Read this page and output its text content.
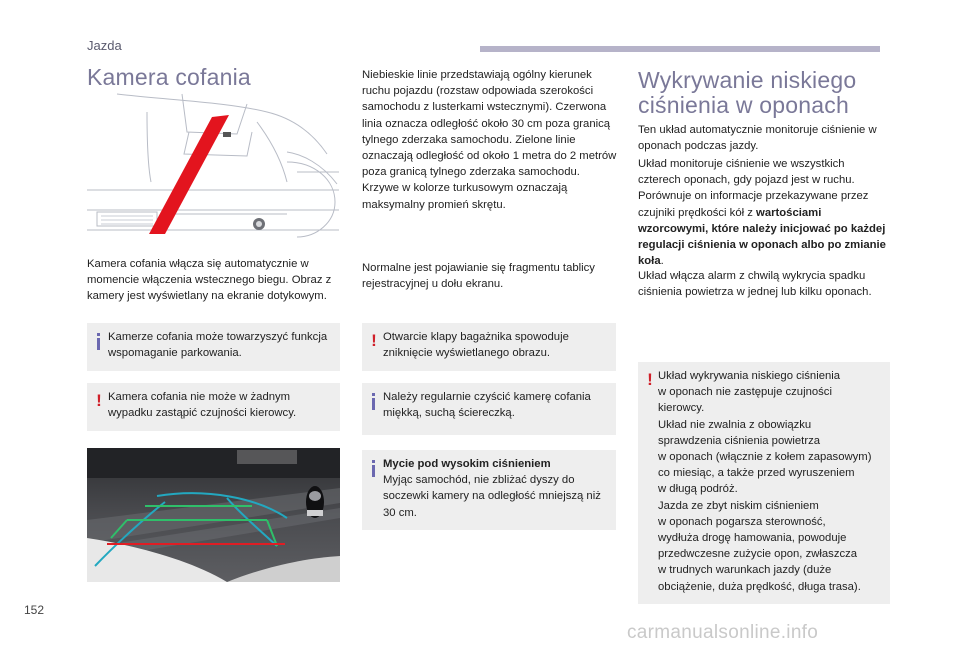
Jazda
Kamera cofania
Kamera cofania włącza się automatycznie w momencie włączenia wstecznego biegu. Obraz z kamery jest wyświetlany na ekranie dotykowym.
Kamerze cofania może towarzyszyć funkcja wspomaganie parkowania.
! Kamera cofania nie może w żadnym wypadku zastąpić czujności kierowcy.
Niebieskie linie przedstawiają ogólny kierunek ruchu pojazdu (rozstaw odpowiada szerokości samochodu z lusterkami wstecznymi). Czerwona linia oznacza odległość około 30 cm poza granicą tylnego zderzaka samochodu. Zielone linie oznaczają odległość od około 1 metra do 2 metrów poza granicą tylnego zderzaka samochodu. Krzywe w kolorze turkusowym oznaczają maksymalny promień skrętu.
Normalne jest pojawianie się fragmentu tablicy rejestracyjnej u dołu ekranu.
! Otwarcie klapy bagażnika spowoduje zniknięcie wyświetlanego obrazu.
Należy regularnie czyścić kamerę cofania miękką, suchą ściereczką.
Mycie pod wysokim ciśnieniem
Myjąc samochód, nie zbliżać dyszy do soczewki kamery na odległość mniejszą niż 30 cm.
Wykrywanie niskiego
ciśnienia w oponach
Ten układ automatycznie monitoruje ciśnienie w oponach podczas jazdy.
Układ monitoruje ciśnienie we wszystkich czterech oponach, gdy pojazd jest w ruchu. Porównuje on informacje przekazywane przez czujniki prędkości kół z wartościami wzorcowymi, które należy inicjować po każdej regulacji ciśnienia w oponach albo po zmianie koła.
Układ włącza alarm z chwilą wykrycia spadku ciśnienia powietrza w jednej lub kilku oponach.
! Układ wykrywania niskiego ciśnienia
w oponach nie zastępuje czujności
kierowcy.
Układ nie zwalnia z obowiązku
sprawdzenia ciśnienia powietrza
w oponach (włącznie z kołem zapasowym)
co miesiąc, a także przed wyruszeniem
w długą podróż.
Jazda ze zbyt niskim ciśnieniem
w oponach pogarsza sterowność,
wydłuża drogę hamowania, powoduje
przedwczesne zużycie opon, zwłaszcza
w trudnych warunkach jazdy (duże
obciążenie, duża prędkość, długa trasa).
152
carmanualsonline.info
